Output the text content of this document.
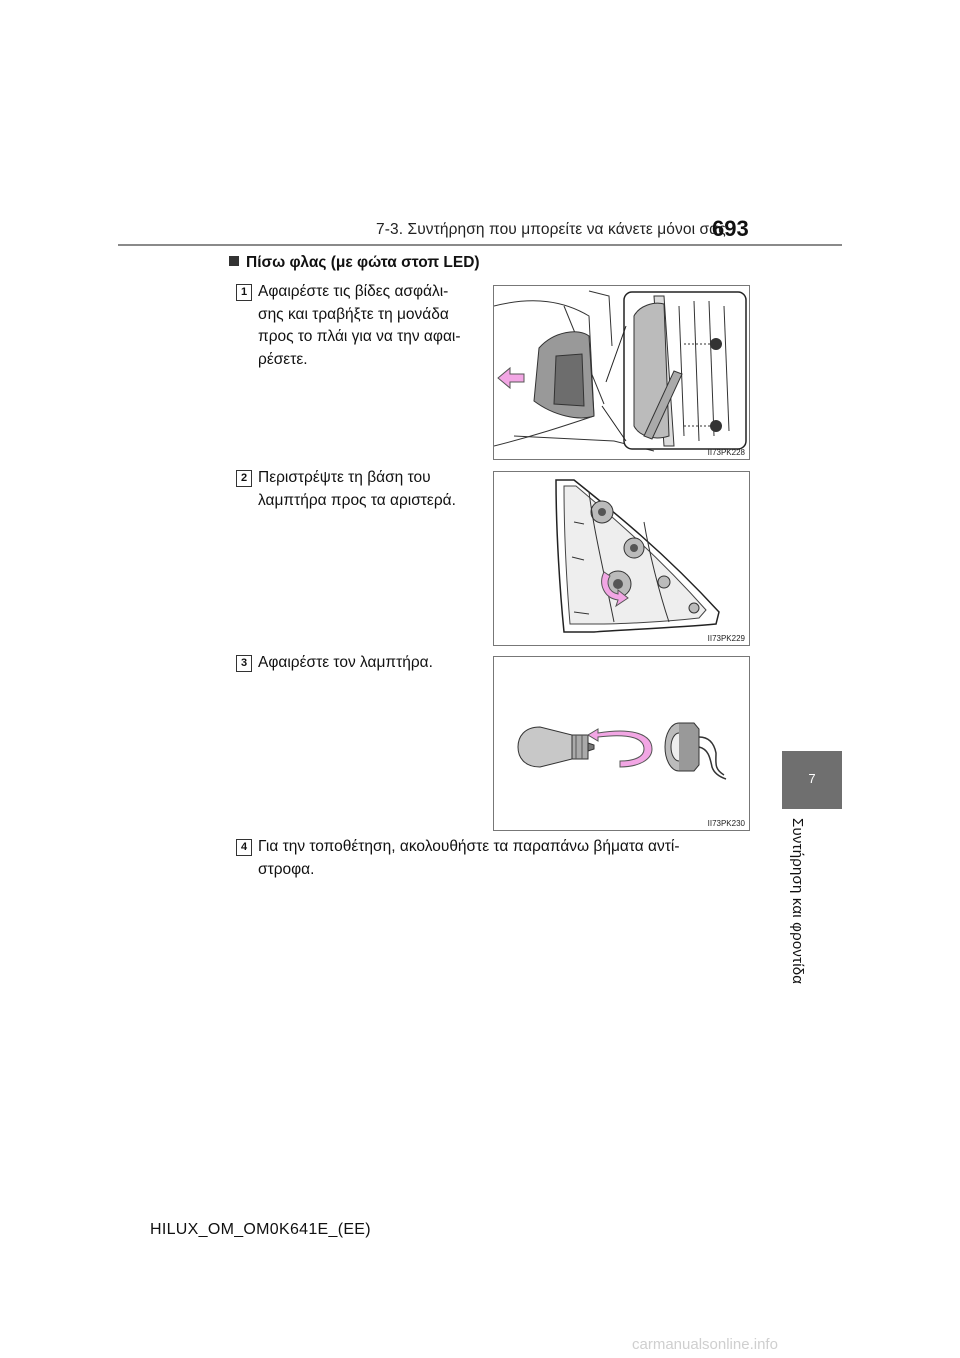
7-3. Συντήρηση που μπορείτε να κάνετε μόνοι σας
693
7
Συντήρηση και φροντίδα
Πίσω φλας (με φώτα στοπ LED)
1 Αφαιρέστε τις βίδες ασφάλι-
σης και τραβήξτε τη μονάδα
προς το πλάι για να την αφαι-
ρέσετε.
II73PK228
2 Περιστρέψτε τη βάση του
λαμπτήρα προς τα αριστερά.
II73PK229
3 Αφαιρέστε τον λαμπτήρα.
II73PK230
4 Για την τοποθέτηση, ακολουθήστε τα παραπάνω βήματα αντί-
στροφα.
HILUX_OM_OM0K641E_(EE)
carmanualsonline.info
